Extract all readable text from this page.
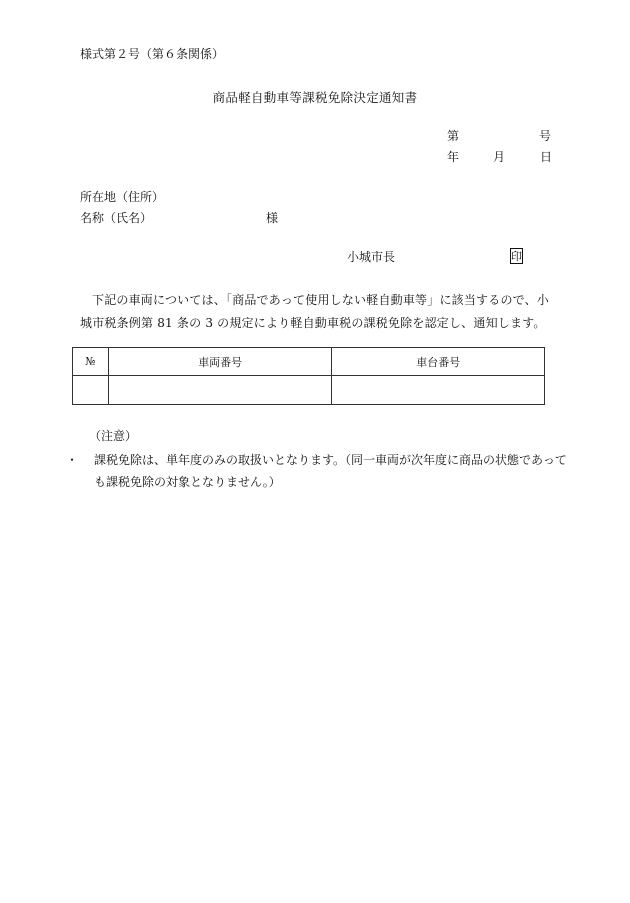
様式第２号（第６条関係）
商品軽自動車等課税免除決定通知書
第	号
年	月	日
所在地（住所）
名称（氏名）	様
小城市長	印
下記の車両については、「商品であって使用しない軽自動車等」に該当するので、小城市税条例第 81 条の 3 の規定により軽自動車税の課税免除を認定し、通知します。
№	車両番号	車台番号

（注意）
・ 課税免除は、単年度のみの取扱いとなります。（同一車両が次年度に商品の状態であっても課税免除の対象となりません。）
